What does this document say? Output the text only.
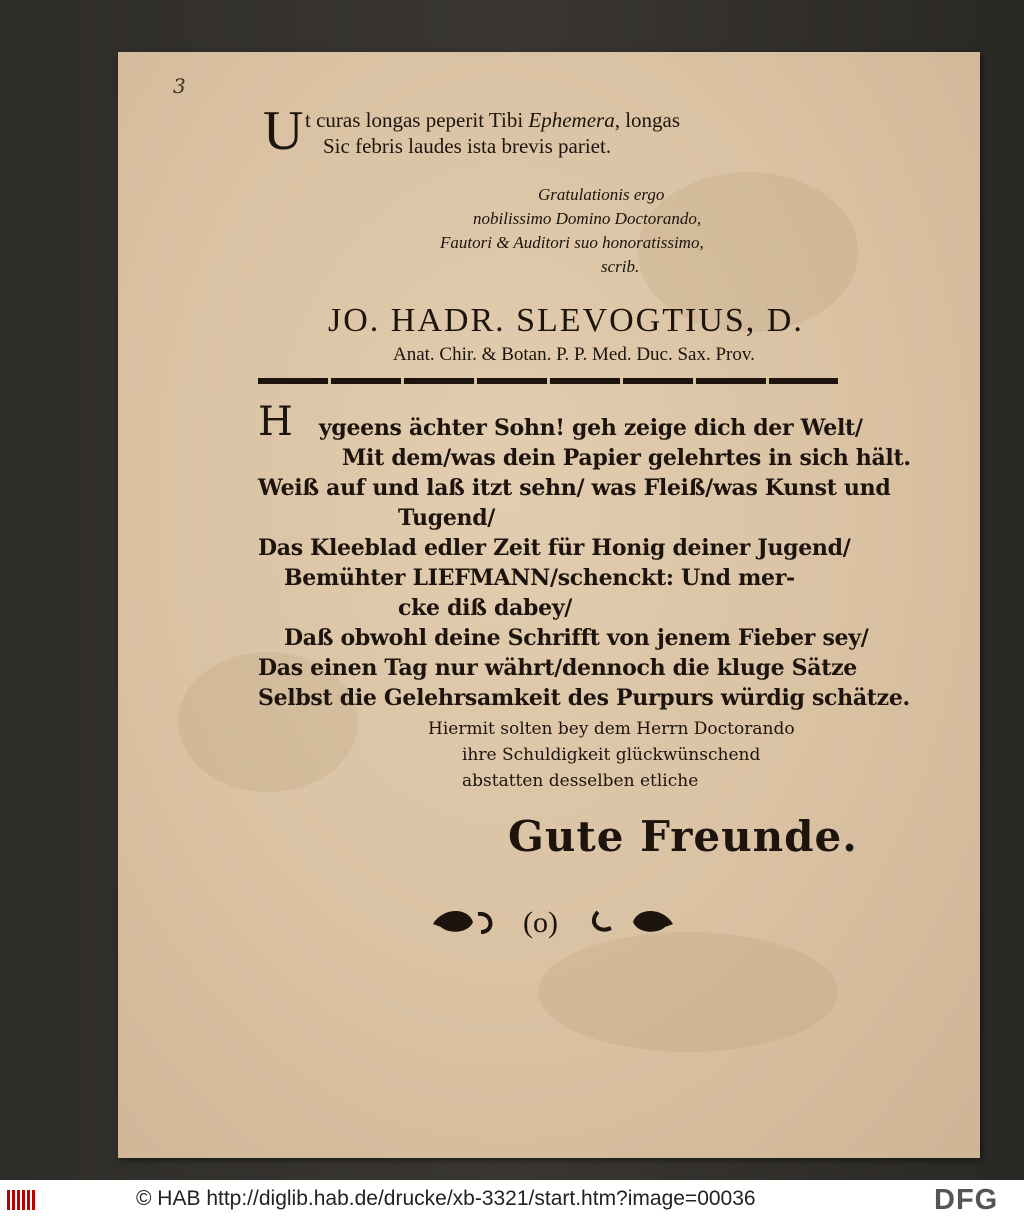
3
U t curas longas peperit Tibi Ephemera, longas
Sic febris laudes ista brevis pariet.
Gratulationis ergo
nobilissimo Domino Doctorando,
Fautori & Auditori suo honoratissimo,
scrib.
JO. HADR. SLEVOGTIUS, D.
Anat. Chir. & Botan. P. P. Med. Duc. Sax. Prov.
H ygeens ächter Sohn! geh zeige dich der Welt/
Mit dem/was dein Papier gelehrtes in sich hält.
Weiß auf und laß itzt sehn/ was Fleiß/was Kunst und
Tugend/
Das Kleeblad edler Zeit für Honig deiner Jugend/
Bemühter LIEFMANN/schenckt: Und mer-
cke diß dabey/
Daß obwohl deine Schrifft von jenem Fieber sey/
Das einen Tag nur währt/dennoch die kluge Sätze
Selbst die Gelehrsamkeit des Purpurs würdig schätze.
Hiermit solten bey dem Herrn Doctorando
ihre Schuldigkeit glückwünschend
abstatten desselben etliche
Gute Freunde.
(o)
© HAB http://diglib.hab.de/drucke/xb-3321/start.htm?image=00036	DFG
